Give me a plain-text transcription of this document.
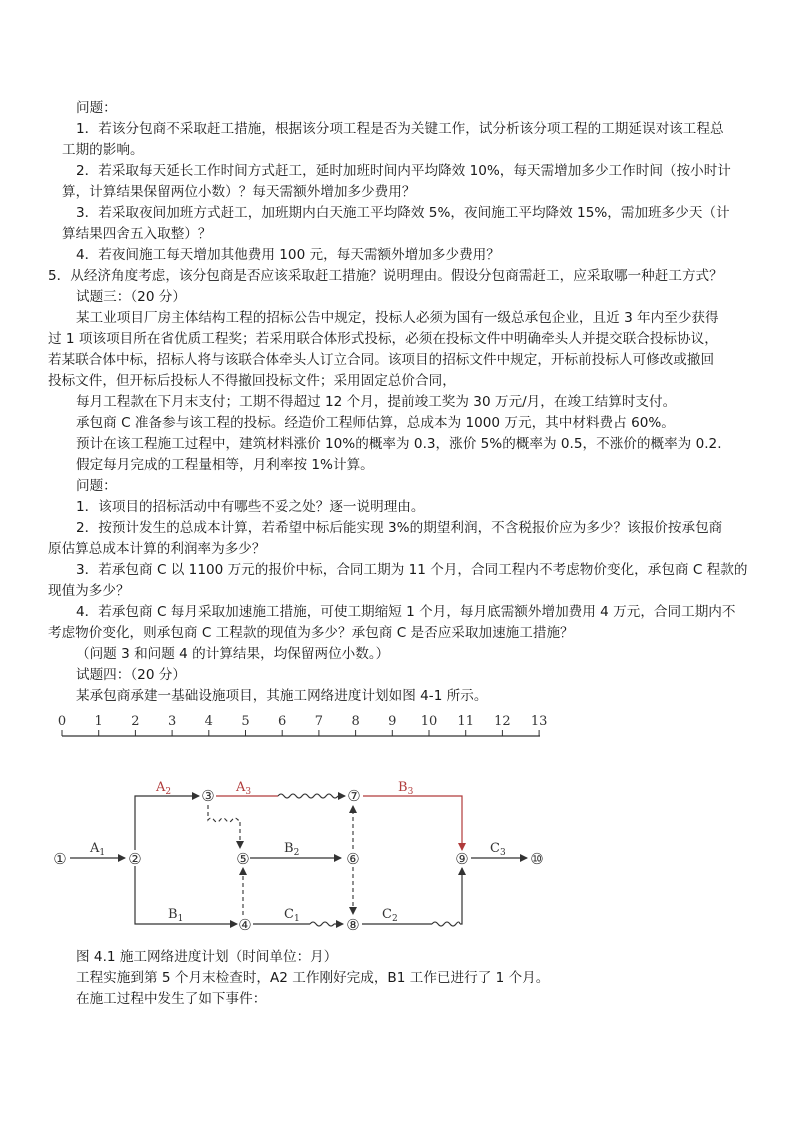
问题：
1．若该分包商不采取赶工措施，根据该分项工程是否为关键工作，试分析该分项工程的工期延误对该工程总
工期的影响。
2．若采取每天延长工作时间方式赶工，延时加班时间内平均降效 10%，每天需增加多少工作时间（按小时计
算，计算结果保留两位小数）？每天需额外增加多少费用？
3．若采取夜间加班方式赶工，加班期内白天施工平均降效 5%，夜间施工平均降效 15%，需加班多少天（计
算结果四舍五入取整）？
4．若夜间施工每天增加其他费用 100 元，每天需额外增加多少费用？
5．从经济角度考虑，该分包商是否应该采取赶工措施？说明理由。假设分包商需赶工，应采取哪一种赶工方式？
试题三：（20 分）
某工业项目厂房主体结构工程的招标公告中规定，投标人必须为国有一级总承包企业，且近 3 年内至少获得
过 1 项该项目所在省优质工程奖；若采用联合体形式投标，必须在投标文件中明确牵头人并提交联合投标协议，
若某联合体中标，招标人将与该联合体牵头人订立合同。该项目的招标文件中规定，开标前投标人可修改或撤回
投标文件，但开标后投标人不得撤回投标文件；采用固定总价合同，
每月工程款在下月末支付；工期不得超过 12 个月，提前竣工奖为 30 万元/月，在竣工结算时支付。
承包商 C 准备参与该工程的投标。经造价工程师估算，总成本为 1000 万元，其中材料费占 60%。
预计在该工程施工过程中，建筑材料涨价 10%的概率为 0.3，涨价 5%的概率为 0.5，不涨价的概率为 0.2.
假定每月完成的工程量相等，月利率按 1%计算。
问题：
1．该项目的招标活动中有哪些不妥之处？逐一说明理由。
2．按预计发生的总成本计算，若希望中标后能实现 3%的期望利润，不含税报价应为多少？该报价按承包商
原估算总成本计算的利润率为多少？
3．若承包商 C 以 1100 万元的报价中标，合同工期为 11 个月，合同工程内不考虑物价变化，承包商 C 程款的
现值为多少？
4．若承包商 C 每月采取加速施工措施，可使工期缩短 1 个月，每月底需额外增加费用 4 万元，合同工期内不
考虑物价变化，则承包商 C 工程款的现值为多少？承包商 C 是否应采取加速施工措施？
（问题 3 和问题 4 的计算结果，均保留两位小数。）
试题四：（20 分）
某承包商承建一基础设施项目，其施工网络进度计划如图 4-1 所示。
0 1 2 3 4 5 6 7 8 9 10 11 12 13
①	②
③
⑤
④
⑦
⑥
⑧
⑨	⑩
$A_1$
$A_2$	$A_3$	$B_3$
$B_2$	$C_3$
$B_1$	$C_1$	$C_2$
图 4.1 施工网络进度计划（时间单位：月）
工程实施到第 5 个月末检查时，A2 工作刚好完成，B1 工作已进行了 1 个月。
在施工过程中发生了如下事件：
